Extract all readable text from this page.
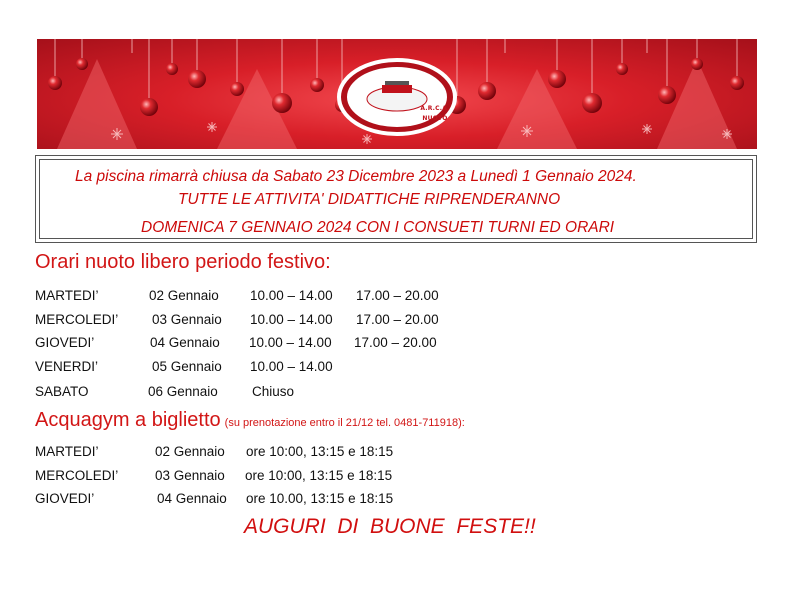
A.R.C.A. NUOTO
La piscina rimarrà chiusa da Sabato 23 Dicembre 2023 a Lunedì 1 Gennaio 2024.
TUTTE LE ATTIVITA' DIDATTICHE RIPRENDERANNO
DOMENICA 7 GENNAIO 2024 CON I CONSUETI TURNI ED ORARI
Orari nuoto libero periodo festivo:
MARTEDI’	02 Gennaio 10.00 – 14.00 17.00 – 20.00
MERCOLEDI’ 03 Gennaio 10.00 – 14.00 17.00 – 20.00
GIOVEDI’	04 Gennaio 10.00 – 14.00 17.00 – 20.00
VENERDI’	05 Gennaio 10.00 – 14.00
SABATO	06 Gennaio	Chiuso
Acquagym a biglietto (su prenotazione entro il 21/12 tel. 0481-711918):
MARTEDI’	02 Gennaio ore 10:00, 13:15 e 18:15
MERCOLEDI’	03 Gennaio ore 10:00, 13:15 e 18:15
GIOVEDI’	04 Gennaio ore 10.00, 13:15 e 18:15
AUGURI  DI  BUONE  FESTE!!
